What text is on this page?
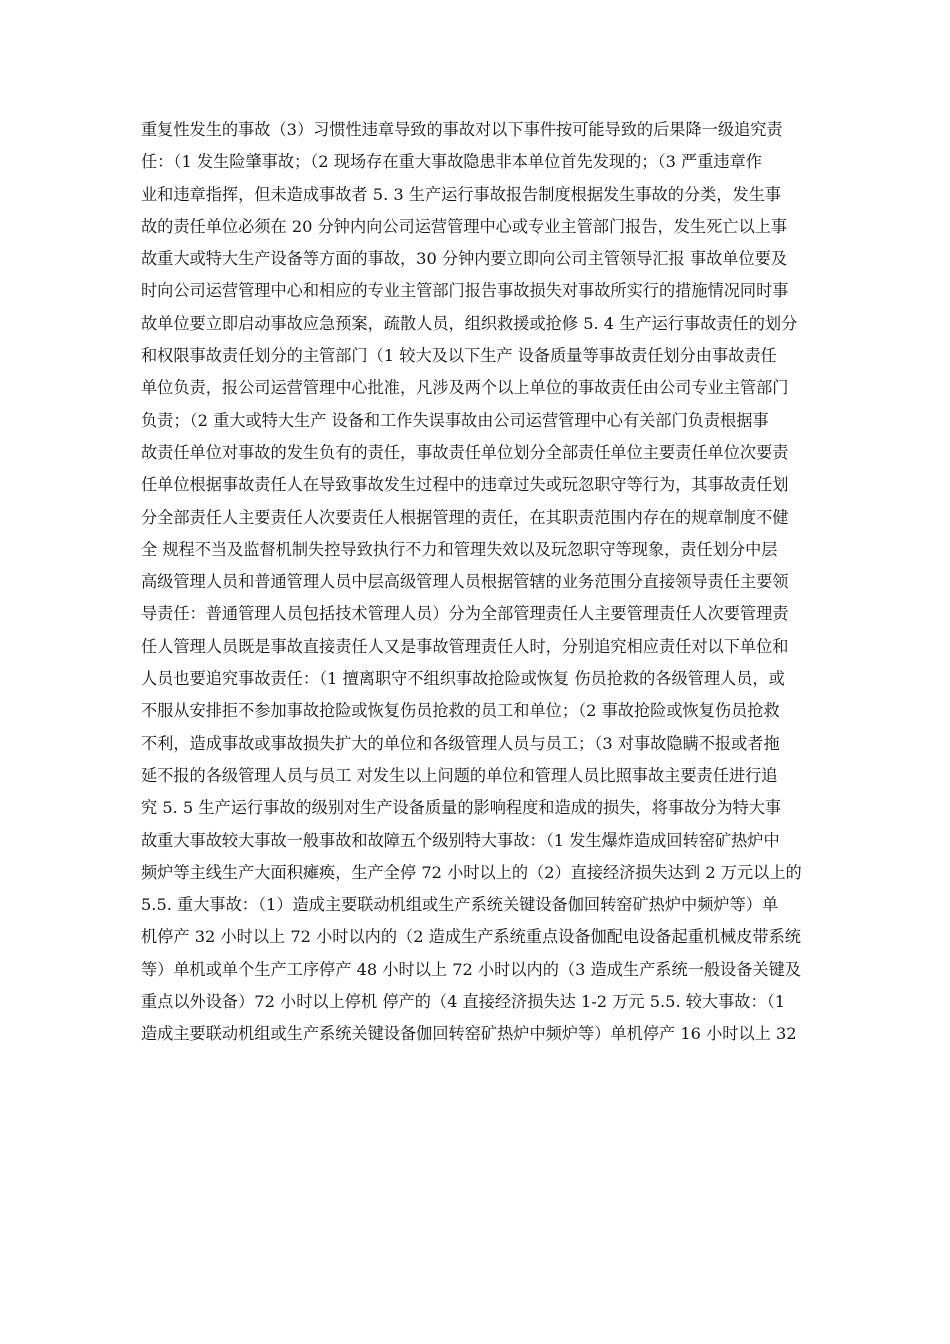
重复性发生的事故（3）习惯性违章导致的事故对以下事件按可能导致的后果降一级追究责
任：（1 发生险肇事故；（2 现场存在重大事故隐患非本单位首先发现的；（3 严重违章作
业和违章指挥，但未造成事故者 5. 3 生产运行事故报告制度根据发生事故的分类，发生事
故的责任单位必须在 20 分钟内向公司运营管理中心或专业主管部门报告，发生死亡以上事
故重大或特大生产设备等方面的事故，30 分钟内要立即向公司主管领导汇报 事故单位要及
时向公司运营管理中心和相应的专业主管部门报告事故损失对事故所实行的措施情况同时事
故单位要立即启动事故应急预案，疏散人员，组织救援或抢修 5. 4 生产运行事故责任的划分
和权限事故责任划分的主管部门（1 较大及以下生产 设备质量等事故责任划分由事故责任
单位负责，报公司运营管理中心批准，凡涉及两个以上单位的事故责任由公司专业主管部门
负责；（2 重大或特大生产 设备和工作失误事故由公司运营管理中心有关部门负责根据事
故责任单位对事故的发生负有的责任，事故责任单位划分全部责任单位主要责任单位次要责
任单位根据事故责任人在导致事故发生过程中的违章过失或玩忽职守等行为，其事故责任划
分全部责任人主要责任人次要责任人根据管理的责任，在其职责范围内存在的规章制度不健
全 规程不当及监督机制失控导致执行不力和管理失效以及玩忽职守等现象，责任划分中层
高级管理人员和普通管理人员中层高级管理人员根据管辖的业务范围分直接领导责任主要领
导责任：普通管理人员包括技术管理人员）分为全部管理责任人主要管理责任人次要管理责
任人管理人员既是事故直接责任人又是事故管理责任人时，分别追究相应责任对以下单位和
人员也要追究事故责任：（1 擅离职守不组织事故抢险或恢复 伤员抢救的各级管理人员，或
不服从安排拒不参加事故抢险或恢复伤员抢救的员工和单位；（2 事故抢险或恢复伤员抢救
不利，造成事故或事故损失扩大的单位和各级管理人员与员工；（3 对事故隐瞒不报或者拖
延不报的各级管理人员与员工 对发生以上问题的单位和管理人员比照事故主要责任进行追
究 5. 5 生产运行事故的级别对生产设备质量的影响程度和造成的损失，将事故分为特大事
故重大事故较大事故一般事故和故障五个级别特大事故：（1 发生爆炸造成回转窑矿热炉中
频炉等主线生产大面积瘫痪，生产全停 72 小时以上的（2）直接经济损失达到 2 万元以上的
5.5. 重大事故：（1）造成主要联动机组或生产系统关键设备伽回转窑矿热炉中频炉等）单
机停产 32 小时以上 72 小时以内的（2 造成生产系统重点设备伽配电设备起重机械皮带系统
等）单机或单个生产工序停产 48 小时以上 72 小时以内的（3 造成生产系统一般设备关键及
重点以外设备）72 小时以上停机 停产的（4 直接经济损失达 1-2 万元 5.5. 较大事故：（1
造成主要联动机组或生产系统关键设备伽回转窑矿热炉中频炉等）单机停产 16 小时以上 32
